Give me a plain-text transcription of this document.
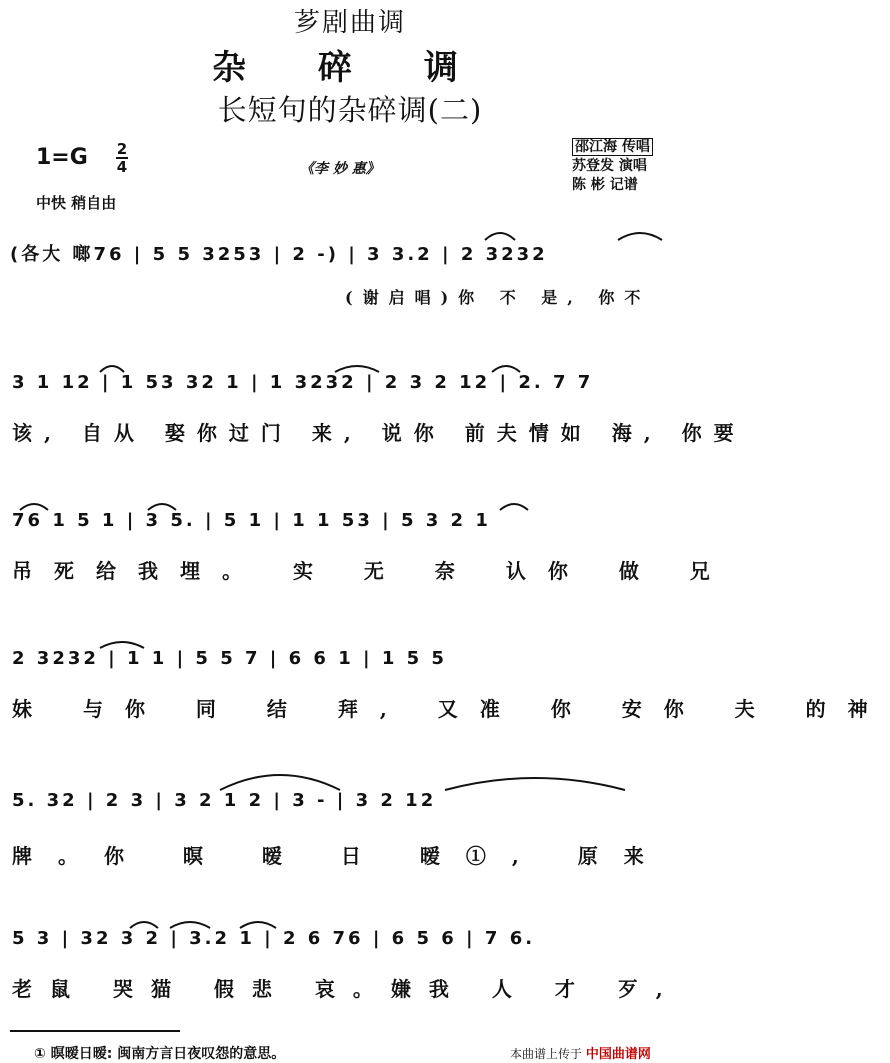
芗剧曲调
杂 碎 调
长短句的杂碎调(二)
1=G 2
4	《李 妙 惠》
邵江海 传唱
苏登发 演唱
陈 彬 记谱
中快 稍自由
(各大 啷76 | 5 5 3253 | 2 -) | 3 3.2 | 2 3232
(谢启唱)你 不 是, 你不
3 1 12 | 1 53 32 1 | 1 3232 | 2 3 2 12 | 2. 7 7
该, 自从 娶你过门 来, 说你 前夫情如 海, 你要
76 1 5 1 | 3 5. | 5 1 | 1 1 53 | 5 3 2 1
吊死给我埋。 实 无 奈 认你 做 兄
2 3232 | 1 1 | 5 5 7 | 6 6 1 | 1 5 5
妹 与你 同 结 拜, 又准 你 安你 夫 的神
5. 32 | 2 3 | 3 2 1 2 | 3 - | 3 2 12
牌。你 暝 暧 日 暧①, 原来
5 3 | 32 3 2 | 3.2 1 | 2 6 76 | 6 5 6 | 7 6.
老鼠 哭猫 假悲 哀。嫌我 人 才 歹,
① 暝暧日暧: 闽南方言日夜叹怨的意思。	本曲谱上传于 中国曲谱网
